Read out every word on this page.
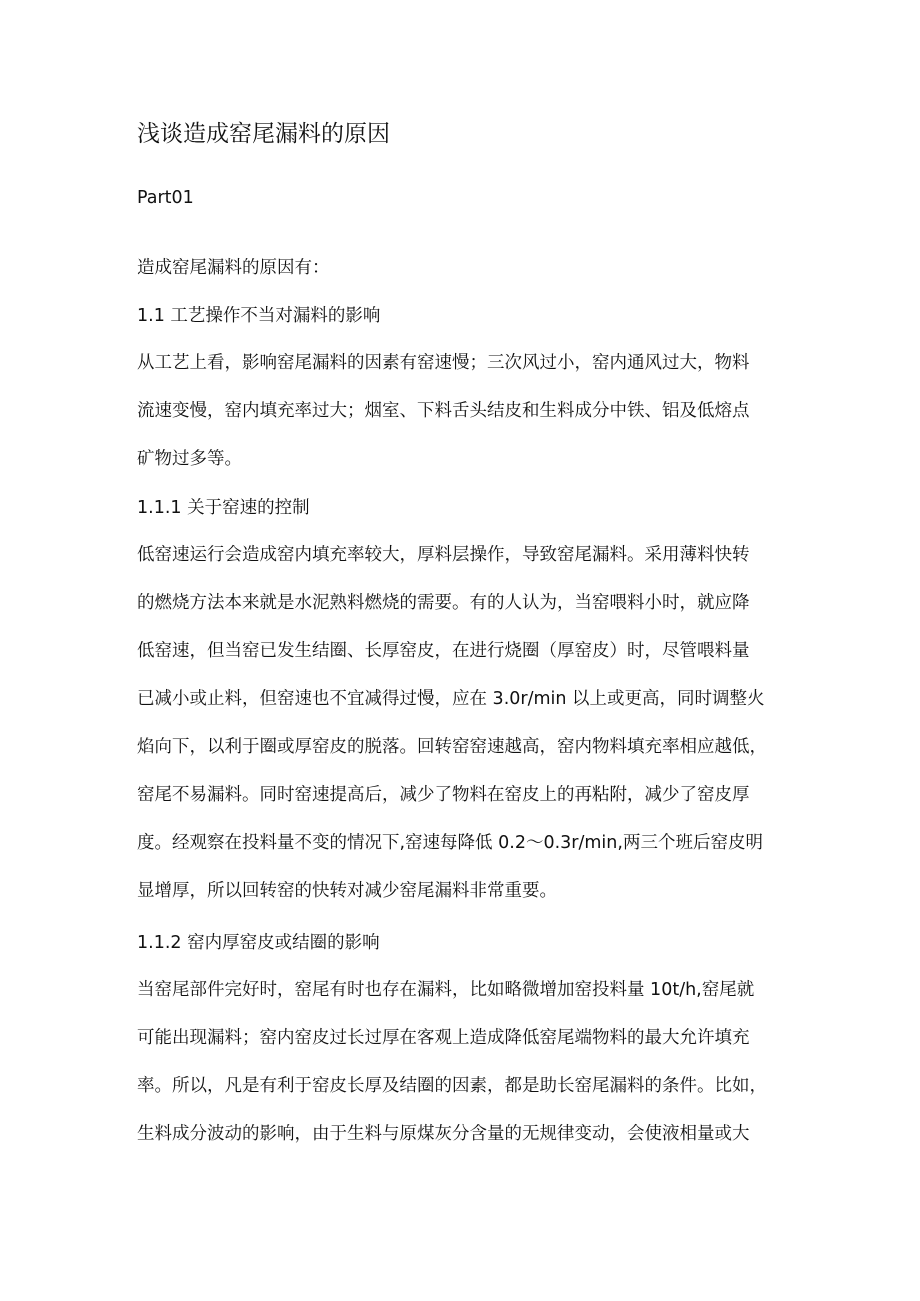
浅谈造成窑尾漏料的原因
Part01
造成窑尾漏料的原因有：
1.1 工艺操作不当对漏料的影响
从工艺上看，影响窑尾漏料的因素有窑速慢；三次风过小，窑内通风过大，物料
流速变慢，窑内填充率过大；烟室、下料舌头结皮和生料成分中铁、铝及低熔点
矿物过多等。
1.1.1 关于窑速的控制
低窑速运行会造成窑内填充率较大，厚料层操作，导致窑尾漏料。采用薄料快转
的燃烧方法本来就是水泥熟料燃烧的需要。有的人认为，当窑喂料小时，就应降
低窑速，但当窑已发生结圈、长厚窑皮，在进行烧圈（厚窑皮）时，尽管喂料量
已减小或止料，但窑速也不宜减得过慢，应在 3.0r/min 以上或更高，同时调整火
焰向下，以利于圈或厚窑皮的脱落。回转窑窑速越高，窑内物料填充率相应越低，
窑尾不易漏料。同时窑速提高后，减少了物料在窑皮上的再粘附，减少了窑皮厚
度。经观察在投料量不变的情况下,窑速每降低 0.2～0.3r/min,两三个班后窑皮明
显增厚，所以回转窑的快转对减少窑尾漏料非常重要。
1.1.2 窑内厚窑皮或结圈的影响
当窑尾部件完好时，窑尾有时也存在漏料，比如略微增加窑投料量 10t/h,窑尾就
可能出现漏料；窑内窑皮过长过厚在客观上造成降低窑尾端物料的最大允许填充
率。所以，凡是有利于窑皮长厚及结圈的因素，都是助长窑尾漏料的条件。比如，
生料成分波动的影响，由于生料与原煤灰分含量的无规律变动，会使液相量或大
